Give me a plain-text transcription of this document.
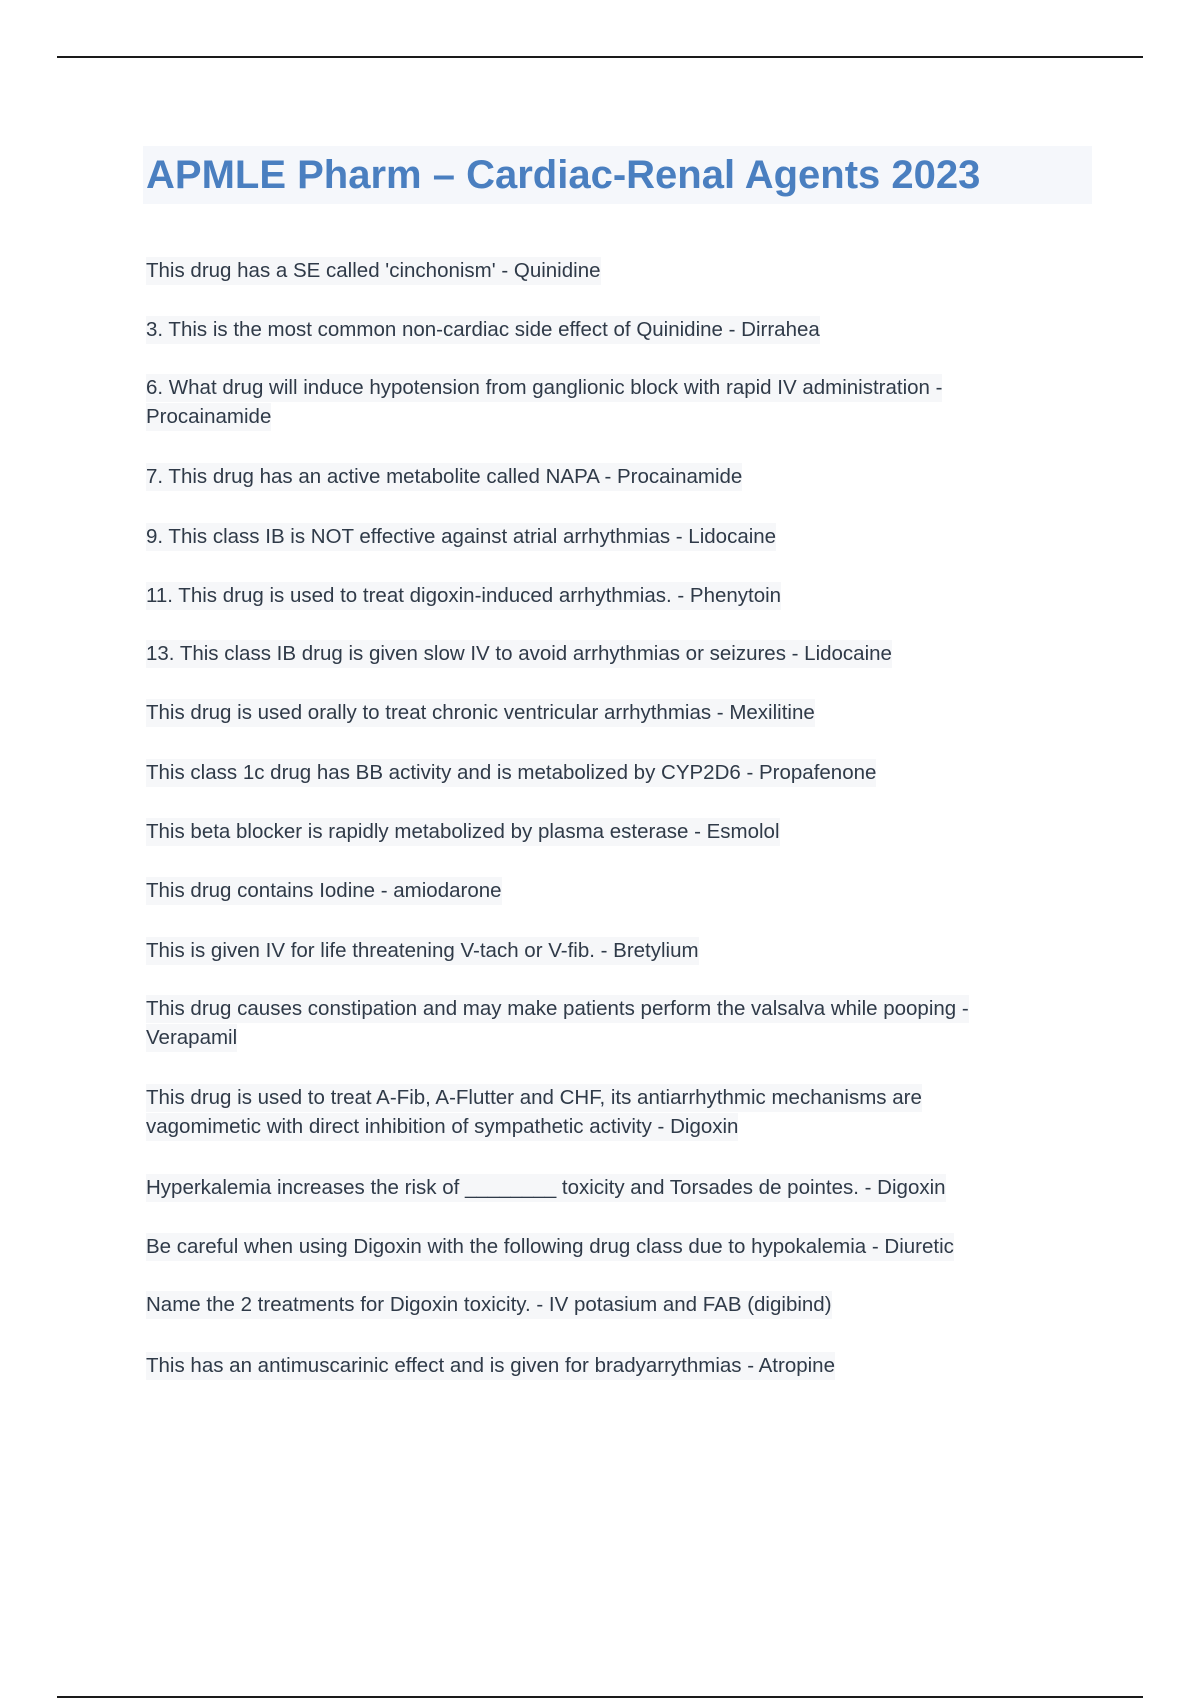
APMLE Pharm – Cardiac-Renal Agents 2023
This drug has a SE called 'cinchonism' - Quinidine
3. This is the most common non-cardiac side effect of Quinidine - Dirrahea
6. What drug will induce hypotension from ganglionic block with rapid IV administration - Procainamide
7. This drug has an active metabolite called NAPA - Procainamide
9. This class IB is NOT effective against atrial arrhythmias - Lidocaine
11. This drug is used to treat digoxin-induced arrhythmias. - Phenytoin
13. This class IB drug is given slow IV to avoid arrhythmias or seizures - Lidocaine
This drug is used orally to treat chronic ventricular arrhythmias - Mexilitine
This class 1c drug has BB activity and is metabolized by CYP2D6 - Propafenone
This beta blocker is rapidly metabolized by plasma esterase - Esmolol
This drug contains Iodine - amiodarone
This is given IV for life threatening V-tach or V-fib. - Bretylium
This drug causes constipation and may make patients perform the valsalva while pooping - Verapamil
This drug is used to treat A-Fib, A-Flutter and CHF, its antiarrhythmic mechanisms are vagomimetic with direct inhibition of sympathetic activity - Digoxin
Hyperkalemia increases the risk of ________ toxicity and Torsades de pointes. - Digoxin
Be careful when using Digoxin with the following drug class due to hypokalemia - Diuretic
Name the 2 treatments for Digoxin toxicity. - IV potasium and FAB (digibind)
This has an antimuscarinic effect and is given for bradyarrythmias - Atropine
